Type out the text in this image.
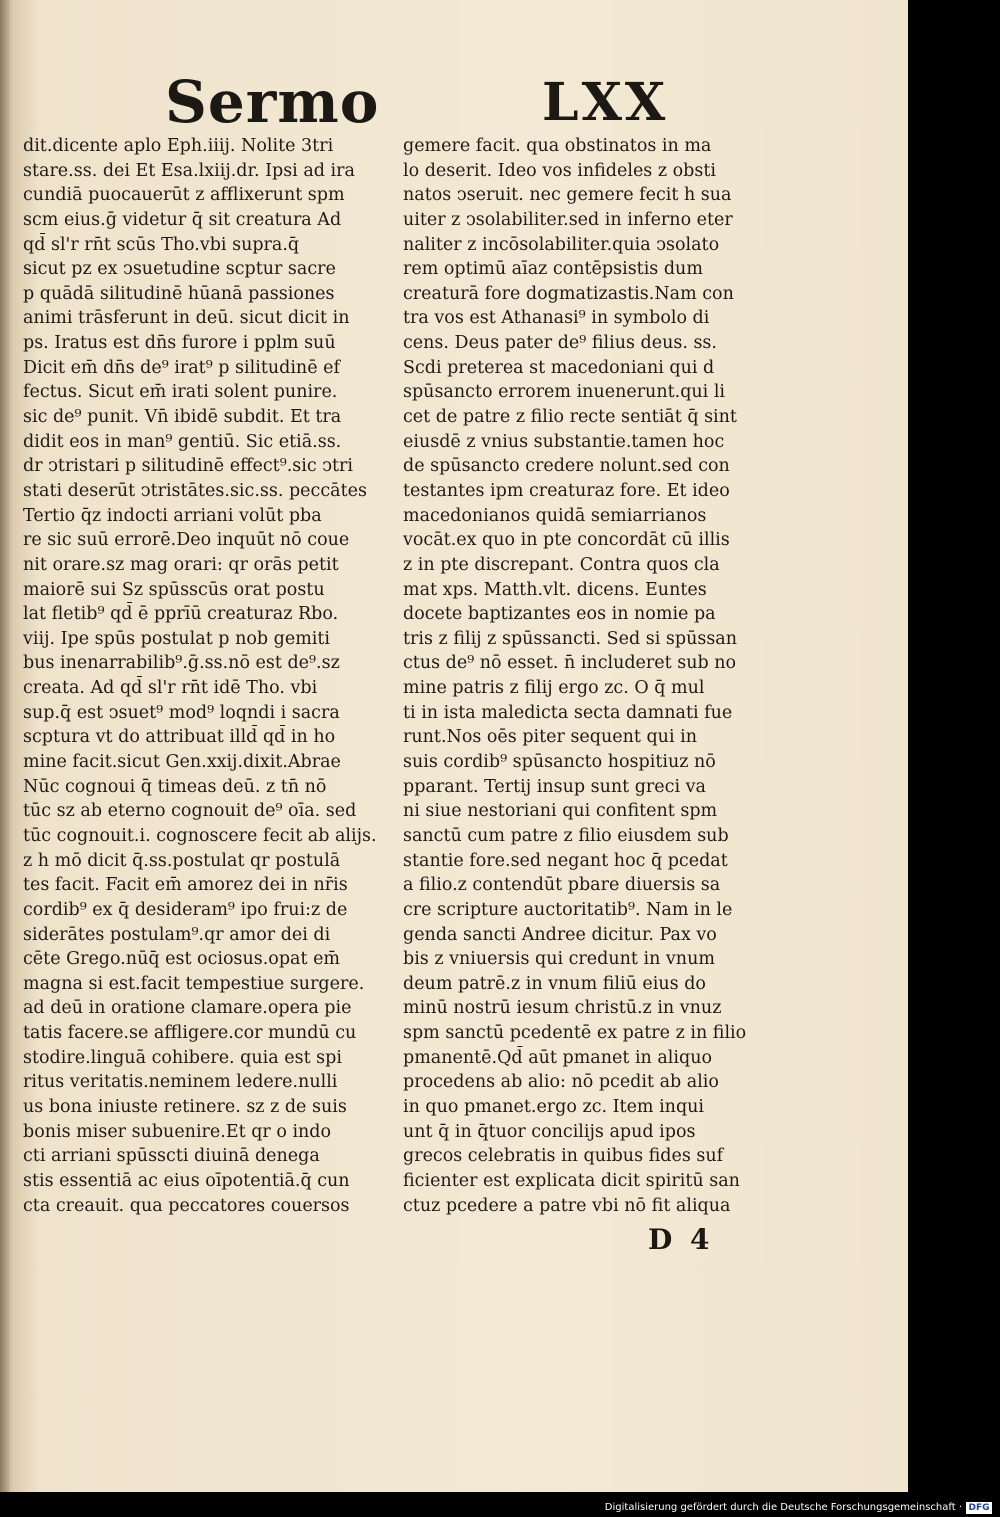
Sermo	LXX
dit.dicente aplo Eph.iiij. Nolite 3tri
stare.ss. dei Et Esa.lxiij.dr. Ipsi ad ira
cundiā puocauerūt z afflixerunt spm
scm eius.ḡ videtur q̄ sit creatura Ad
qd̄ sl'r rn̄t scūs Tho.vbi supra.q̄
sicut pz ex ↄsuetudine scptur sacre
p quādā silitudinē hūanā passiones
animi trāsferunt in deū. sicut dicit in
ps. Iratus est dn̄s furore i pplm suū
Dicit em̄ dn̄s de⁹ irat⁹ p silitudinē ef
fectus. Sicut em̄ irati solent punire.
sic de⁹ punit. Vn̄ ibidē subdit. Et tra
didit eos in man⁹ gentiū. Sic etiā.ss.
dr ↄtristari p silitudinē effect⁹.sic ↄtri
stati deserūt ↄtristātes.sic.ss. peccātes
Tertio q̄z indocti arriani volūt pba
re sic suū errorē.Deo inquūt nō coue
nit orare.sz mag orari: qr orās petit
maiorē sui Sz spūsscūs orat postu
lat fletib⁹ qd̄ ē pprīū creaturaz Rbo.
viij. Ipe spūs postulat p nob gemiti
bus inenarrabilib⁹.ḡ.ss.nō est de⁹.sz
creata. Ad qd̄ sl'r rn̄t idē Tho. vbi
sup.q̄ est ↄsuet⁹ mod⁹ loqndi i sacra
scptura vt do attribuat illd̄ qd̄ in ho
mine facit.sicut Gen.xxij.dixit.Abrae
Nūc cognoui q̄ timeas deū. z tn̄ nō
tūc sz ab eterno cognouit de⁹ oīa. sed
tūc cognouit.i. cognoscere fecit ab alijs.
z h mō dicit q̄.ss.postulat qr postulā
tes facit. Facit em̄ amorez dei in nr̄is
cordib⁹ ex q̄ desideram⁹ ipo frui:z de
siderātes postulam⁹.qr amor dei di
cēte Grego.nūq̄ est ociosus.opat em̄
magna si est.facit tempestiue surgere.
ad deū in oratione clamare.opera pie
tatis facere.se affligere.cor mundū cu
stodire.linguā cohibere. quia est spi
ritus veritatis.neminem ledere.nulli
us bona iniuste retinere. sz z de suis
bonis miser subuenire.Et qr o indo
cti arriani spūsscti diuinā denega
stis essentiā ac eius oīpotentiā.q̄ cun
cta creauit. qua peccatores couersos
gemere facit. qua obstinatos in ma
lo deserit. Ideo vos infideles z obsti
natos ↄseruit. nec gemere fecit h sua
uiter z ↄsolabiliter.sed in inferno eter
naliter z incōsolabiliter.quia ↄsolato
rem optimū aīaz contēpsistis dum
creaturā fore dogmatizastis.Nam con
tra vos est Athanasi⁹ in symbolo di
cens. Deus pater de⁹ filius deus. ss.
Scdi preterea st macedoniani qui d
spūsancto errorem inuenerunt.qui li
cet de patre z filio recte sentiāt q̄ sint
eiusdē z vnius substantie.tamen hoc
de spūsancto credere nolunt.sed con
testantes ipm creaturaz fore. Et ideo
macedonianos quidā semiarrianos
vocāt.ex quo in pte concordāt cū illis
z in pte discrepant. Contra quos cla
mat xps. Matth.vlt. dicens. Euntes
docete baptizantes eos in nomie pa
tris z filij z spūssancti. Sed si spūssan
ctus de⁹ nō esset. n̄ includeret sub no
mine patris z filij ergo zc. O q̄ mul
ti in ista maledicta secta damnati fue
runt.Nos oēs piter sequent qui in
suis cordib⁹ spūsancto hospitiuz nō
pparant. Tertij insup sunt greci va
ni siue nestoriani qui confitent spm
sanctū cum patre z filio eiusdem sub
stantie fore.sed negant hoc q̄ pcedat
a filio.z contendūt pbare diuersis sa
cre scripture auctoritatib⁹. Nam in le
genda sancti Andree dicitur. Pax vo
bis z vniuersis qui credunt in vnum
deum patrē.z in vnum filiū eius do
minū nostrū iesum christū.z in vnuz
spm sanctū pcedentē ex patre z in filio
pmanentē.Qd̄ aūt pmanet in aliquo
procedens ab alio: nō pcedit ab alio
in quo pmanet.ergo zc. Item inqui
unt q̄ in q̄tuor concilijs apud ipos
grecos celebratis in quibus fides suf
ficienter est explicata dicit spiritū san
ctuz pcedere a patre vbi nō fit aliqua
D 4
Digitalisierung gefördert durch die Deutsche Forschungsgemeinschaft · DFG
